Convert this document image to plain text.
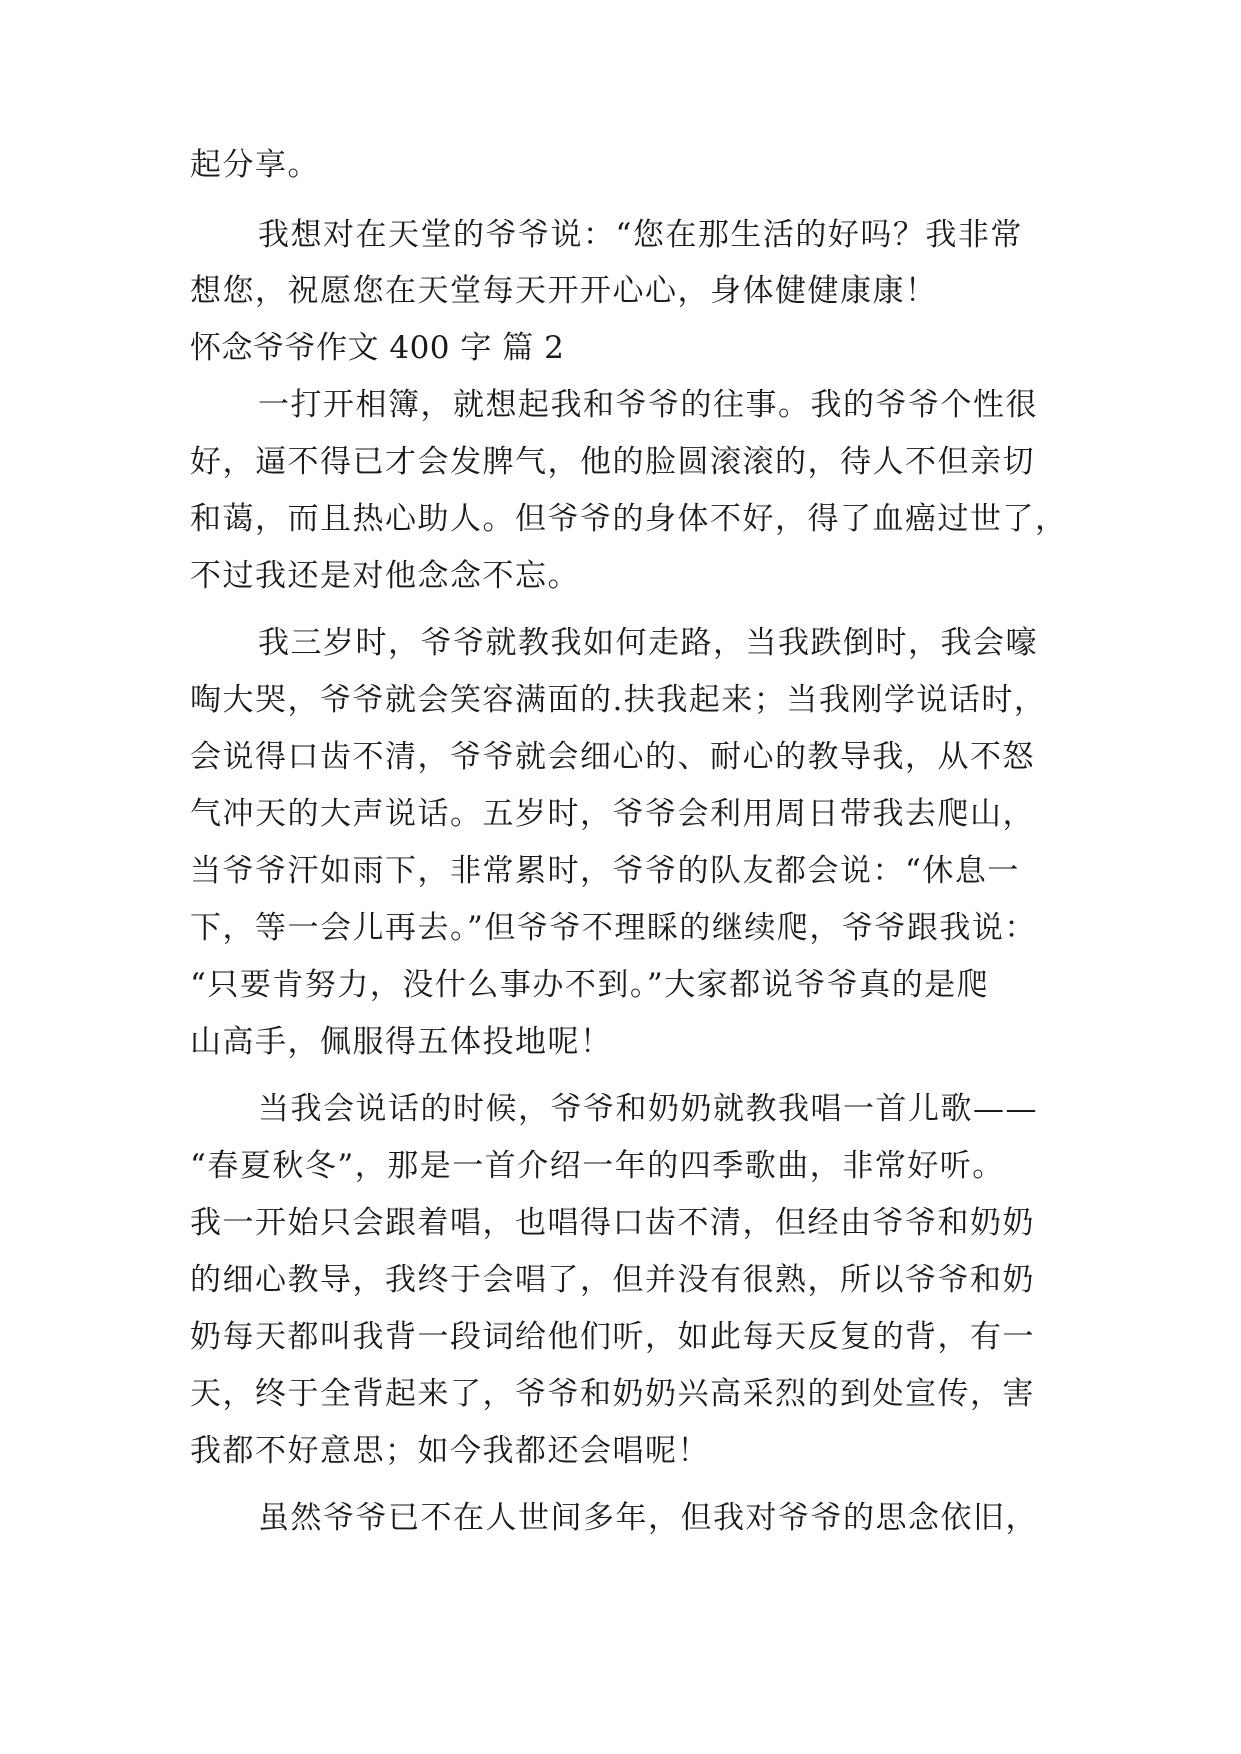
起分享。
我想对在天堂的爷爷说：“您在那生活的好吗？我非常
想您，祝愿您在天堂每天开开心心，身体健健康康！
怀念爷爷作文 400 字 篇 2
一打开相簿，就想起我和爷爷的往事。我的爷爷个性很
好，逼不得已才会发脾气，他的脸圆滚滚的，待人不但亲切
和蔼，而且热心助人。但爷爷的身体不好，得了血癌过世了，
不过我还是对他念念不忘。
我三岁时，爷爷就教我如何走路，当我跌倒时，我会嚎
啕大哭，爷爷就会笑容满面的.扶我起来；当我刚学说话时，
会说得口齿不清，爷爷就会细心的、耐心的教导我，从不怒
气冲天的大声说话。五岁时，爷爷会利用周日带我去爬山，
当爷爷汗如雨下，非常累时，爷爷的队友都会说：“休息一
下，等一会儿再去。”但爷爷不理睬的继续爬，爷爷跟我说：
“只要肯努力，没什么事办不到。”大家都说爷爷真的是爬
山高手，佩服得五体投地呢！
当我会说话的时候，爷爷和奶奶就教我唱一首儿歌——
“春夏秋冬”，那是一首介绍一年的四季歌曲，非常好听。
我一开始只会跟着唱，也唱得口齿不清，但经由爷爷和奶奶
的细心教导，我终于会唱了，但并没有很熟，所以爷爷和奶
奶每天都叫我背一段词给他们听，如此每天反复的背，有一
天，终于全背起来了，爷爷和奶奶兴高采烈的到处宣传，害
我都不好意思；如今我都还会唱呢！
虽然爷爷已不在人世间多年，但我对爷爷的思念依旧，
